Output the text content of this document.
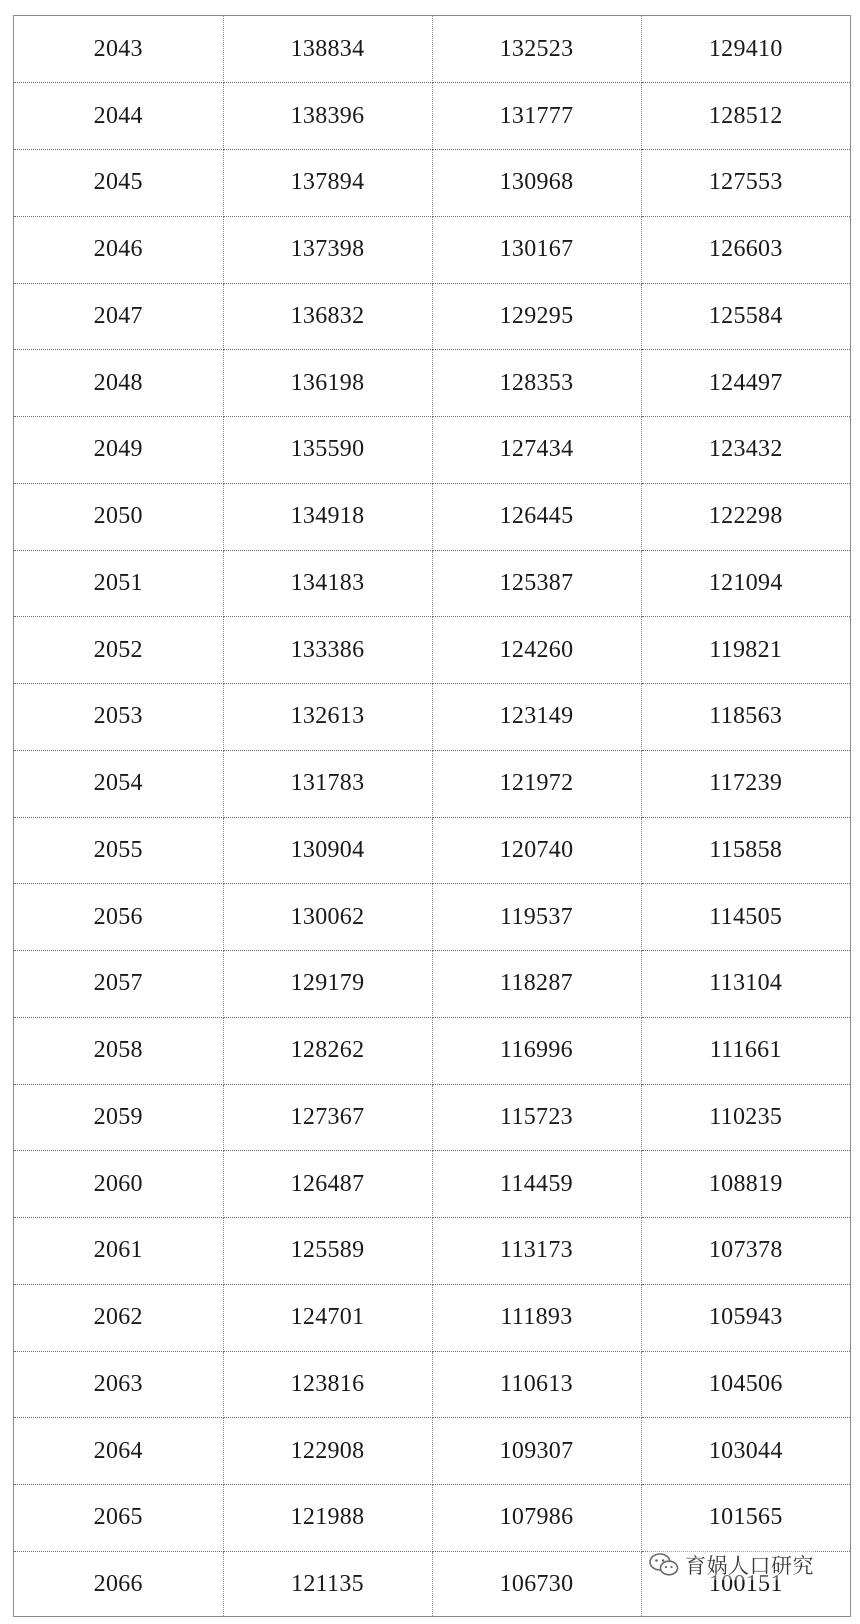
2043	138834	132523	129410
2044	138396	131777	128512
2045	137894	130968	127553
2046	137398	130167	126603
2047	136832	129295	125584
2048	136198	128353	124497
2049	135590	127434	123432
2050	134918	126445	122298
2051	134183	125387	121094
2052	133386	124260	119821
2053	132613	123149	118563
2054	131783	121972	117239
2055	130904	120740	115858
2056	130062	119537	114505
2057	129179	118287	113104
2058	128262	116996	111661
2059	127367	115723	110235
2060	126487	114459	108819
2061	125589	113173	107378
2062	124701	111893	105943
2063	123816	110613	104506
2064	122908	109307	103044
2065	121988	107986	101565
2066	121135	106730	100151
育娲人口研究
